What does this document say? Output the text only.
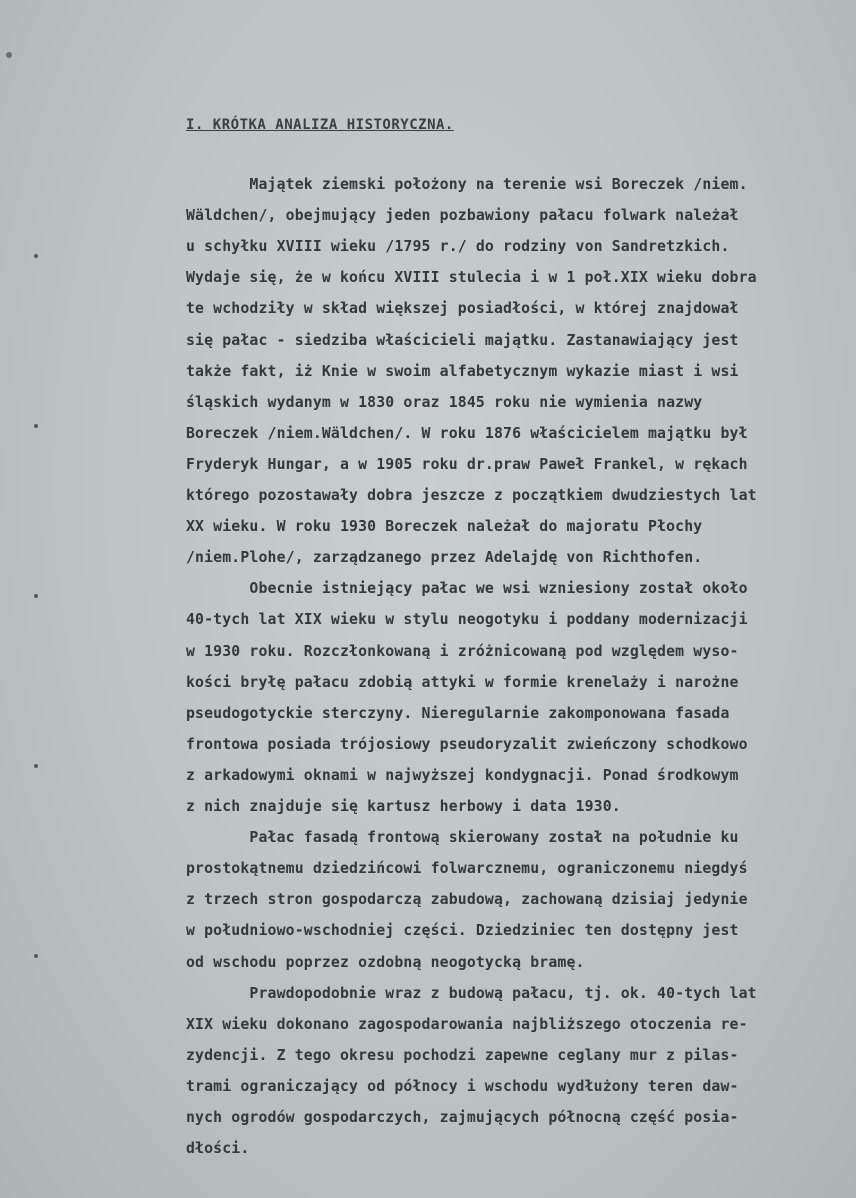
I. KRÓTKA ANALIZA HISTORYCZNA.
Majątek ziemski położony na terenie wsi Boreczek /niem.
Wäldchen/, obejmujący jeden pozbawiony pałacu folwark należał
u schyłku XVIII wieku /1795 r./ do rodziny von Sandretzkich.
Wydaje się, że w końcu XVIII stulecia i w 1 poł.XIX wieku dobra
te wchodziły w skład większej posiadłości, w której znajdował
się pałac - siedziba właścicieli majątku. Zastanawiający jest
także fakt, iż Knie w swoim alfabetycznym wykazie miast i wsi
śląskich wydanym w 1830 oraz 1845 roku nie wymienia nazwy
Boreczek /niem.Wäldchen/. W roku 1876 właścicielem majątku był
Fryderyk Hungar, a w 1905 roku dr.praw Paweł Frankel, w rękach
którego pozostawały dobra jeszcze z początkiem dwudziestych lat
XX wieku. W roku 1930 Boreczek należał do majoratu Płochy
/niem.Plohe/, zarządzanego przez Adelajdę von Richthofen.
Obecnie istniejący pałac we wsi wzniesiony został około
40-tych lat XIX wieku w stylu neogotyku i poddany modernizacji
w 1930 roku. Rozczłonkowaną i zróżnicowaną pod względem wyso-
kości bryłę pałacu zdobią attyki w formie krenelaży i narożne
pseudogotyckie sterczyny. Nieregularnie zakomponowana fasada
frontowa posiada trójosiowy pseudoryzalit zwieńczony schodkowo
z arkadowymi oknami w najwyższej kondygnacji. Ponad środkowym
z nich znajduje się kartusz herbowy i data 1930.
Pałac fasadą frontową skierowany został na południe ku
prostokątnemu dziedzińcowi folwarcznemu, ograniczonemu niegdyś
z trzech stron gospodarczą zabudową, zachowaną dzisiaj jedynie
w południowo-wschodniej części. Dziedziniec ten dostępny jest
od wschodu poprzez ozdobną neogotycką bramę.
Prawdopodobnie wraz z budową pałacu, tj. ok. 40-tych lat
XIX wieku dokonano zagospodarowania najbliższego otoczenia re-
zydencji. Z tego okresu pochodzi zapewne ceglany mur z pilas-
trami ograniczający od północy i wschodu wydłużony teren daw-
nych ogrodów gospodarczych, zajmujących północną część posia-
dłości.
